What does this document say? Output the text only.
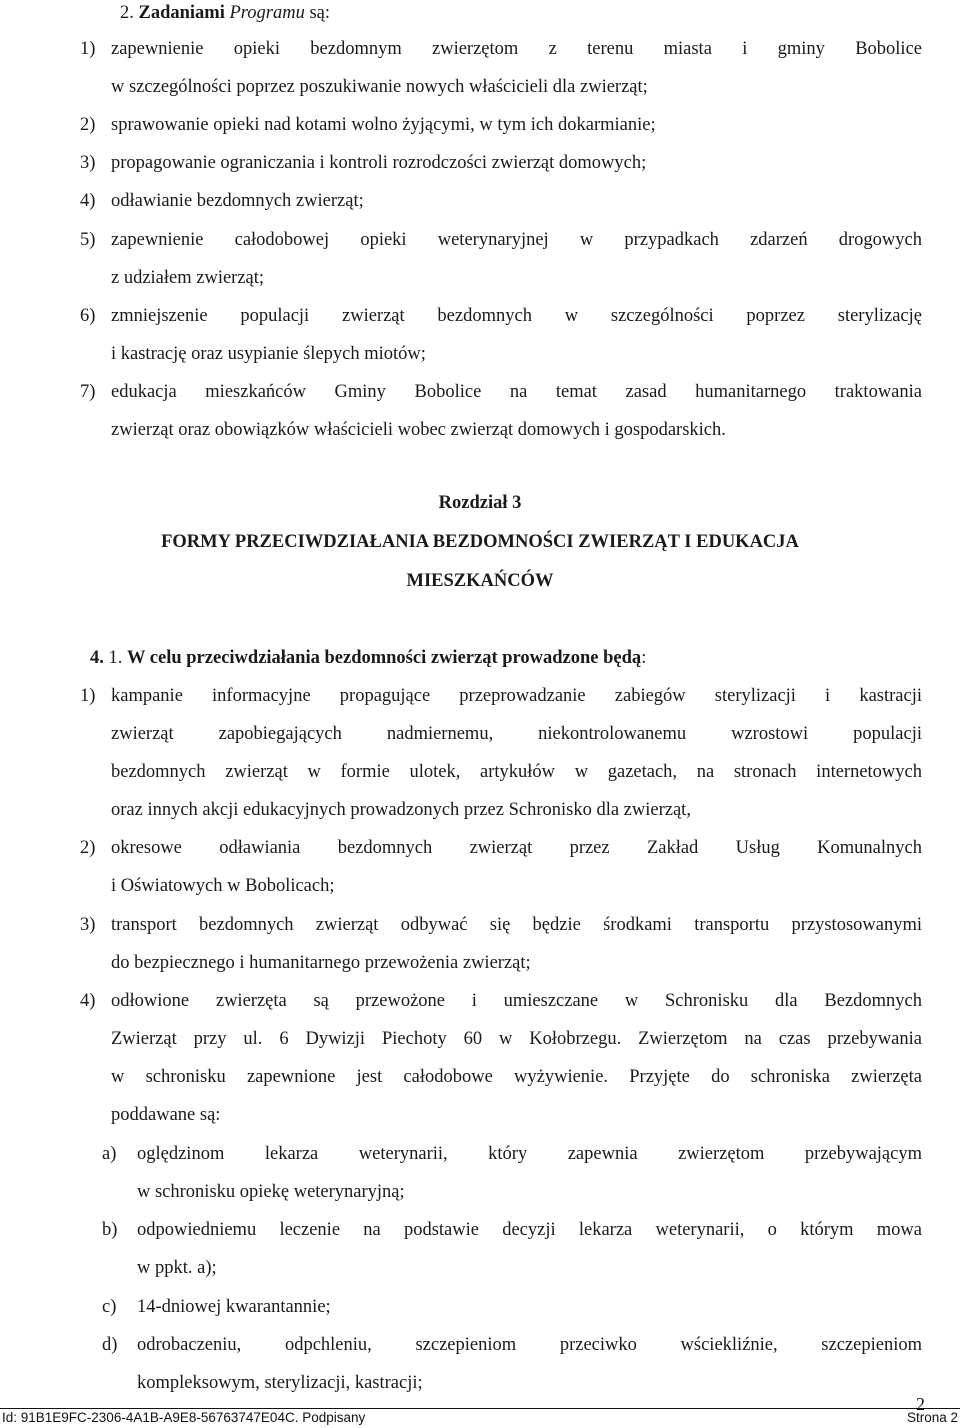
2. Zadaniami Programu są:
1) zapewnienie opieki bezdomnym zwierzętom z terenu miasta i gminy Bobolice
w szczególności poprzez poszukiwanie nowych właścicieli dla zwierząt;
2) sprawowanie opieki nad kotami wolno żyjącymi, w tym ich dokarmianie;
3) propagowanie ograniczania i kontroli rozrodczości zwierząt domowych;
4) odławianie bezdomnych zwierząt;
5) zapewnienie całodobowej opieki weterynaryjnej w przypadkach zdarzeń drogowych
z udziałem zwierząt;
6) zmniejszenie populacji zwierząt bezdomnych w szczególności poprzez sterylizację
i kastrację oraz usypianie ślepych miotów;
7) edukacja mieszkańców Gminy Bobolice na temat zasad humanitarnego traktowania
zwierząt oraz obowiązków właścicieli wobec zwierząt domowych i gospodarskich.
Rozdział 3
FORMY PRZECIWDZIAŁANIA BEZDOMNOŚCI ZWIERZĄT I EDUKACJA
MIESZKAŃCÓW
4. 1. W celu przeciwdziałania bezdomności zwierząt prowadzone będą:
1) kampanie informacyjne propagujące przeprowadzanie zabiegów sterylizacji i kastracji
zwierząt zapobiegających nadmiernemu, niekontrolowanemu wzrostowi populacji
bezdomnych zwierząt w formie ulotek, artykułów w gazetach, na stronach internetowych
oraz innych akcji edukacyjnych prowadzonych przez Schronisko dla zwierząt,
2) okresowe odławiania bezdomnych zwierząt przez Zakład Usług Komunalnych
i Oświatowych w Bobolicach;
3) transport bezdomnych zwierząt odbywać się będzie środkami transportu przystosowanymi
do bezpiecznego i humanitarnego przewożenia zwierząt;
4) odłowione zwierzęta są przewożone i umieszczane w Schronisku dla Bezdomnych
Zwierząt przy ul. 6 Dywizji Piechoty 60 w Kołobrzegu. Zwierzętom na czas przebywania
w schronisku zapewnione jest całodobowe wyżywienie. Przyjęte do schroniska zwierzęta
poddawane są:
a) oględzinom lekarza weterynarii, który zapewnia zwierzętom przebywającym
w schronisku opiekę weterynaryjną;
b) odpowiedniemu leczenie na podstawie decyzji lekarza weterynarii, o którym mowa
w ppkt. a);
c) 14-dniowej kwarantannie;
d) odrobaczeniu, odpchleniu, szczepieniom przeciwko wściekliźnie, szczepieniom
kompleksowym, sterylizacji, kastracji;
Id: 91B1E9FC-2306-4A1B-A9E8-56763747E04C. Podpisany
2
Strona 2
